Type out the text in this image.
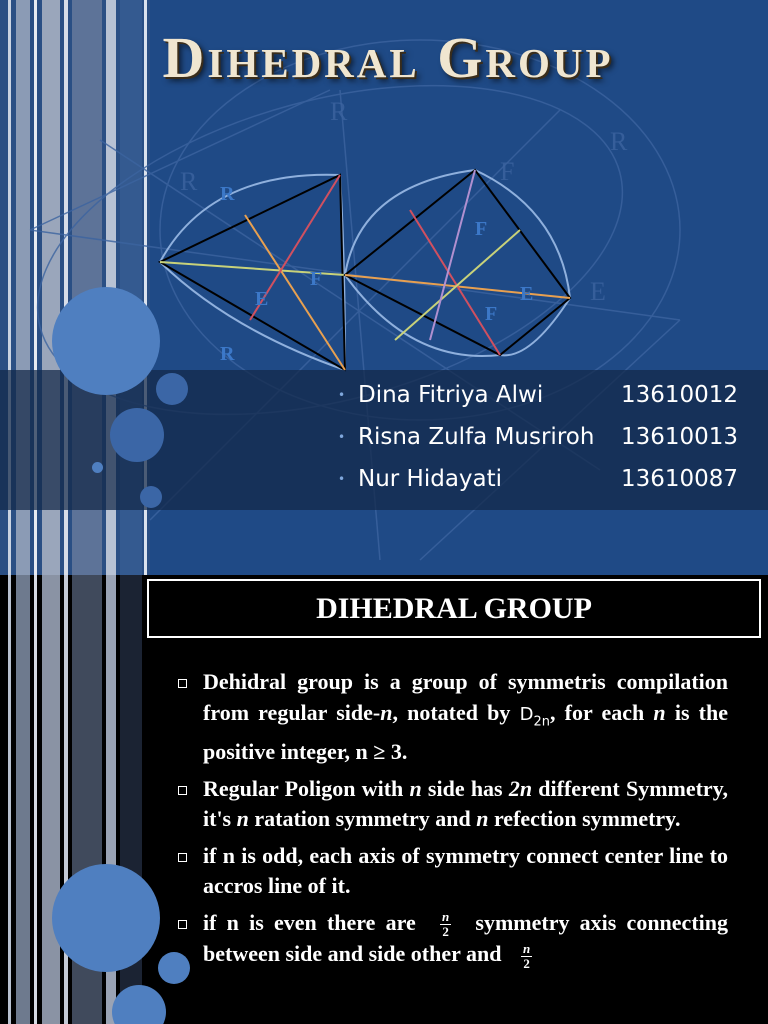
R
F
E
R
R
R
F
E
F
E
F
R
Dihedral Group
• Dina Fitriya Alwi	13610012
• Risna Zulfa Musriroh	13610013
• Nur Hidayati	13610087
DIHEDRAL GROUP
Dehidral group is a group of symmetris compilation from regular side-n, notated by $D_{2n}$, for each n is the positive integer, n ≥ 3.
Regular Poligon with n side has 2n different Symmetry, it's n ratation symmetry and n refection symmetry.
if n is odd, each axis of symmetry connect center line to accros line of it.
if n is even there are $\frac{n}{2}$ symmetry axis connecting between side and side other and $\frac{n}{2}$
